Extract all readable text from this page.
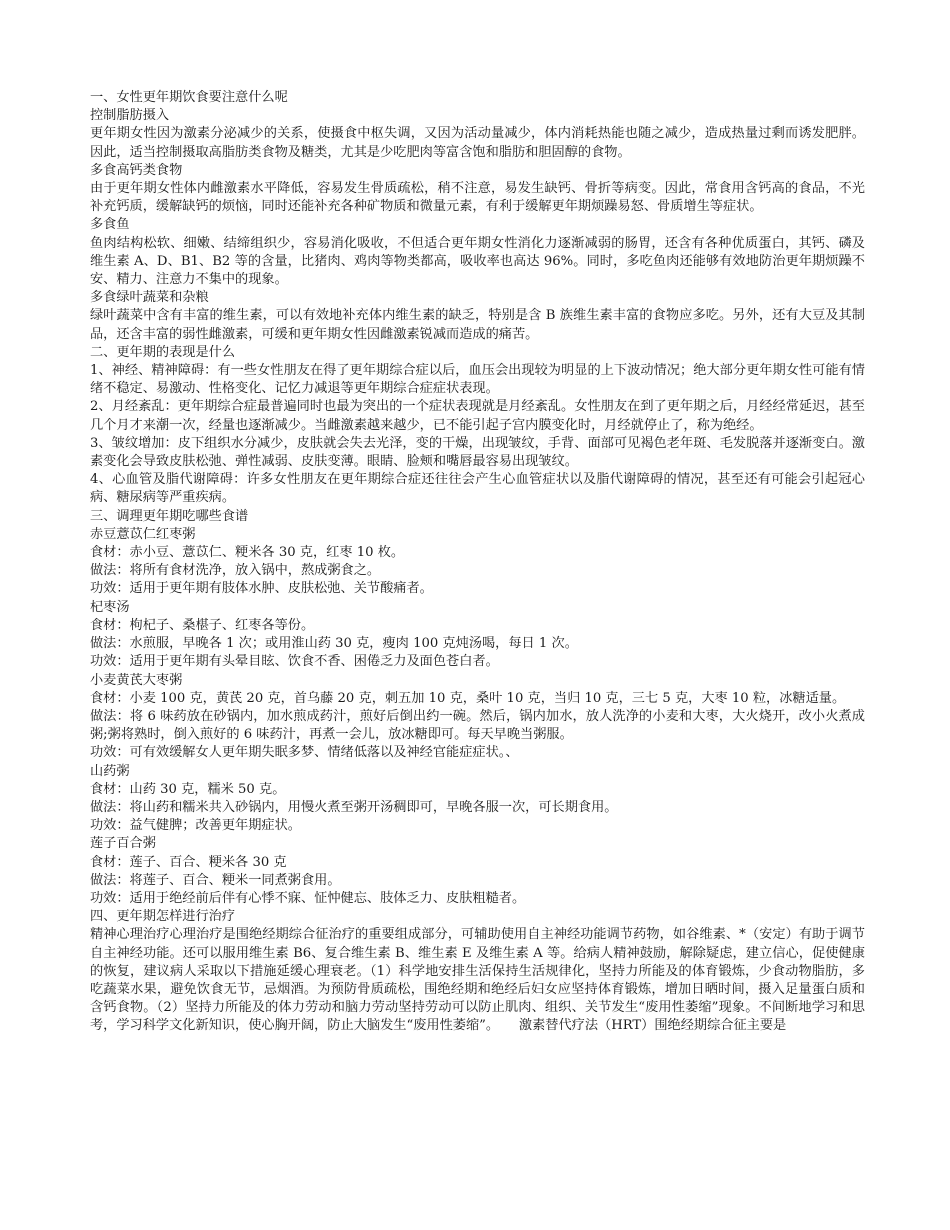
一、女性更年期饮食要注意什么呢

控制脂肪摄入

更年期女性因为激素分泌减少的关系，使摄食中枢失调，又因为活动量减少，体内消耗热能也随之减少，造成热量过剩而诱发肥胖。因此，适当控制摄取高脂肪类食物及糖类，尤其是少吃肥肉等富含饱和脂肪和胆固醇的食物。

多食高钙类食物

由于更年期女性体内雌激素水平降低，容易发生骨质疏松，稍不注意，易发生缺钙、骨折等病变。因此，常食用含钙高的食品，不光补充钙质，缓解缺钙的烦恼，同时还能补充各种矿物质和微量元素，有利于缓解更年期烦躁易怒、骨质增生等症状。

多食鱼

鱼肉结构松软、细嫩、结缔组织少，容易消化吸收，不但适合更年期女性消化力逐渐减弱的肠胃，还含有各种优质蛋白，其钙、磷及维生素 A、D、B1、B2 等的含量，比猪肉、鸡肉等物类都高，吸收率也高达 96%。同时，多吃鱼肉还能够有效地防治更年期烦躁不安、精力、注意力不集中的现象。

多食绿叶蔬菜和杂粮

绿叶蔬菜中含有丰富的维生素，可以有效地补充体内维生素的缺乏，特别是含 B 族维生素丰富的食物应多吃。另外，还有大豆及其制品，还含丰富的弱性雌激素，可缓和更年期女性因雌激素锐减而造成的痛苦。

二、更年期的表现是什么

1、神经、精神障碍：有一些女性朋友在得了更年期综合症以后，血压会出现较为明显的上下波动情况；绝大部分更年期女性可能有情绪不稳定、易激动、性格变化、记忆力减退等更年期综合症症状表现。

2、月经紊乱：更年期综合症最普遍同时也最为突出的一个症状表现就是月经紊乱。女性朋友在到了更年期之后，月经经常延迟，甚至几个月才来潮一次，经量也逐渐减少。当雌激素越来越少，已不能引起子宫内膜变化时，月经就停止了，称为绝经。

3、皱纹增加：皮下组织水分减少，皮肤就会失去光泽，变的干燥，出现皱纹，手背、面部可见褐色老年斑、毛发脱落并逐渐变白。激素变化会导致皮肤松弛、弹性减弱、皮肤变薄。眼睛、脸颊和嘴唇最容易出现皱纹。

4、心血管及脂代谢障碍：许多女性朋友在更年期综合症还往往会产生心血管症状以及脂代谢障碍的情况，甚至还有可能会引起冠心病、糖尿病等严重疾病。

三、调理更年期吃哪些食谱

赤豆薏苡仁红枣粥

食材：赤小豆、薏苡仁、粳米各 30 克，红枣 10 枚。

做法：将所有食材洗净，放入锅中，熬成粥食之。

功效：适用于更年期有肢体水肿、皮肤松弛、关节酸痛者。

杞枣汤

食材：枸杞子、桑椹子、红枣各等份。

做法：水煎服，早晚各 1 次；或用淮山药 30 克，瘦肉 100 克炖汤喝，每日 1 次。

功效：适用于更年期有头晕目眩、饮食不香、困倦乏力及面色苍白者。

小麦黄芪大枣粥

食材：小麦 100 克，黄芪 20 克，首乌藤 20 克，刺五加 10 克，桑叶 10 克，当归 10 克，三七 5 克，大枣 10 粒，冰糖适量。

做法：将 6 味药放在砂锅内，加水煎成药汁，煎好后倒出约一碗。然后，锅内加水，放人洗净的小麦和大枣，大火烧开，改小火煮成粥;粥将熟时，倒入煎好的 6 味药汁，再煮一会儿，放冰糖即可。每天早晚当粥服。

功效：可有效缓解女人更年期失眠多梦、情绪低落以及神经官能症症状。、

山药粥

食材：山药 30 克，糯米 50 克。

做法：将山药和糯米共入砂锅内，用慢火煮至粥开汤稠即可，早晚各服一次，可长期食用。

功效：益气健脾；改善更年期症状。

莲子百合粥

食材：莲子、百合、粳米各 30 克

做法：将莲子、百合、粳米一同煮粥食用。

功效：适用于绝经前后伴有心悸不寐、怔忡健忘、肢体乏力、皮肤粗糙者。

四、更年期怎样进行治疗

精神心理治疗心理治疗是围绝经期综合征治疗的重要组成部分，可辅助使用自主神经功能调节药物，如谷维素、*（安定）有助于调节自主神经功能。还可以服用维生素 B6、复合维生素 B、维生素 E 及维生素 A 等。给病人精神鼓励，解除疑虑，建立信心，促使健康的恢复，建议病人采取以下措施延缓心理衰老。（1）科学地安排生活保持生活规律化，坚持力所能及的体育锻炼，少食动物脂肪，多吃蔬菜水果，避免饮食无节，忌烟酒。为预防骨质疏松，围绝经期和绝经后妇女应坚持体育锻炼，增加日晒时间，摄入足量蛋白质和含钙食物。（2）坚持力所能及的体力劳动和脑力劳动坚持劳动可以防止肌肉、组织、关节发生“废用性萎缩”现象。不间断地学习和思考，学习科学文化新知识，使心胸开阔，防止大脑发生“废用性萎缩”。　　激素替代疗法（HRT）围绝经期综合征主要是
